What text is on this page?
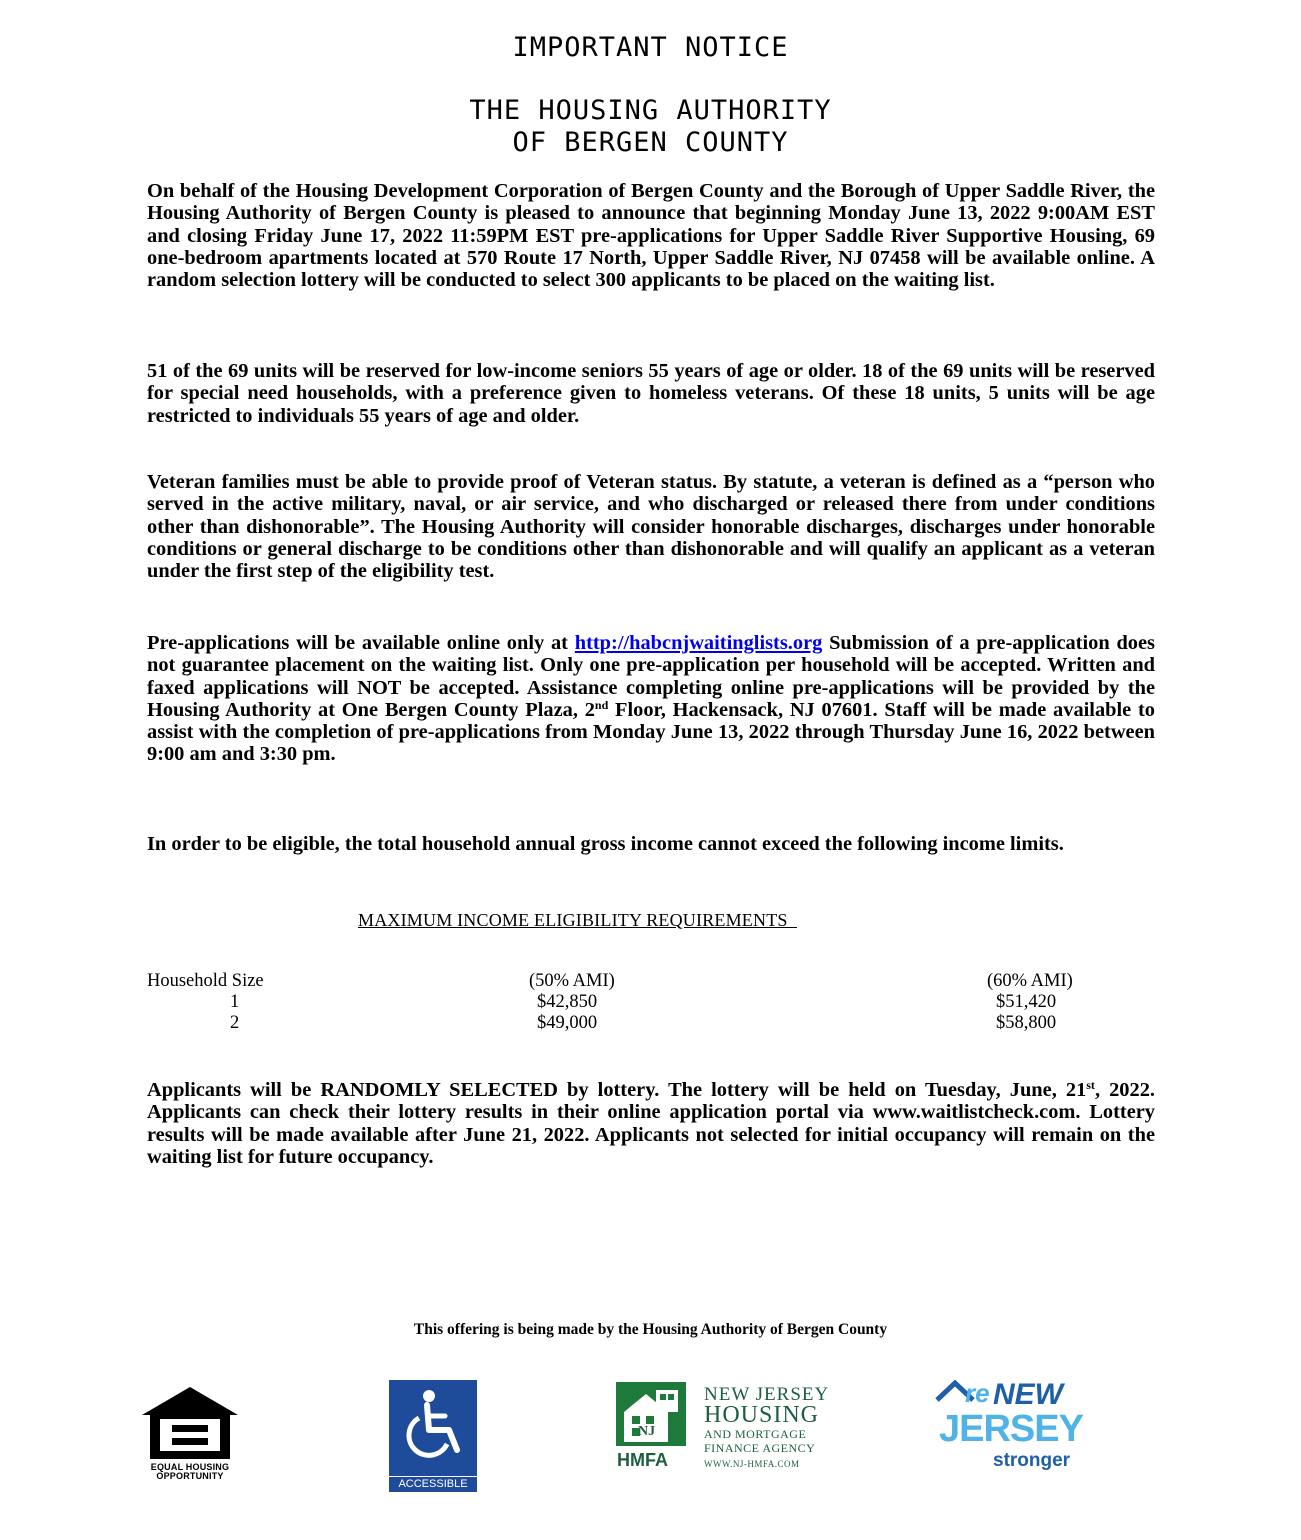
IMPORTANT NOTICE
THE HOUSING AUTHORITY
OF BERGEN COUNTY

On behalf of the Housing Development Corporation of Bergen County and the Borough of Upper Saddle River, the Housing Authority of Bergen County is pleased to announce that beginning Monday June 13, 2022 9:00AM EST and closing Friday June 17, 2022 11:59PM EST pre-applications for Upper Saddle River Supportive Housing, 69 one-bedroom apartments located at 570 Route 17 North, Upper Saddle River, NJ 07458 will be available online. A random selection lottery will be conducted to select 300 applicants to be placed on the waiting list.

51 of the 69 units will be reserved for low-income seniors 55 years of age or older. 18 of the 69 units will be reserved for special need households, with a preference given to homeless veterans. Of these 18 units, 5 units will be age restricted to individuals 55 years of age and older.

Veteran families must be able to provide proof of Veteran status. By statute, a veteran is defined as a “person who served in the active military, naval, or air service, and who discharged or released there from under conditions other than dishonorable”. The Housing Authority will consider honorable discharges, discharges under honorable conditions or general discharge to be conditions other than dishonorable and will qualify an applicant as a veteran under the first step of the eligibility test.

Pre-applications will be available online only at http://habcnjwaitinglists.org Submission of a pre-application does not guarantee placement on the waiting list. Only one pre-application per household will be accepted. Written and faxed applications will NOT be accepted. Assistance completing online pre-applications will be provided by the Housing Authority at One Bergen County Plaza, 2nd Floor, Hackensack, NJ 07601. Staff will be made available to assist with the completion of pre-applications from Monday June 13, 2022 through Thursday June 16, 2022 between 9:00 am and 3:30 pm.

In order to be eligible, the total household annual gross income cannot exceed the following income limits.

MAXIMUM INCOME ELIGIBILITY REQUIREMENTS
Household Size	(50% AMI)	(60% AMI)
1	$42,850	$51,420
2	$49,000	$58,800

Applicants will be RANDOMLY SELECTED by lottery. The lottery will be held on Tuesday, June, 21st, 2022. Applicants can check their lottery results in their online application portal via www.waitlistcheck.com. Lottery results will be made available after June 21, 2022. Applicants not selected for initial occupancy will remain on the waiting list for future occupancy.

This offering is being made by the Housing Authority of Bergen County
EQUAL HOUSING
OPPORTUNITY
ACCESSIBLE
NJ
HMFA
NEW JERSEY
HOUSING
AND MORTGAGE
FINANCE AGENCY
WWW.NJ-HMFA.COM
re NEW
JERSEY
stronger
